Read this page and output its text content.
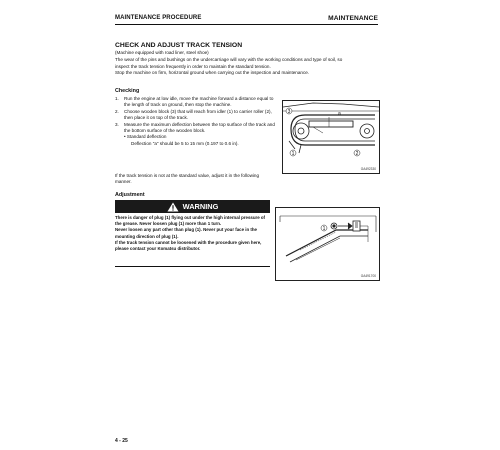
MAINTENANCE PROCEDURE	MAINTENANCE
CHECK AND ADJUST TRACK TENSION
(Machine equipped with road liner, steel shoe)
The wear of the pins and bushings on the undercarriage will vary with the working conditions and type of soil, so
inspect the track tension frequently in order to maintain the standard tension.
Stop the machine on firm, horizontal ground when carrying out the inspection and maintenance.
Checking
1.	Run the engine at low idle, move the machine forward a distance equal to the length of track on ground, then stop the machine.
2.	Choose wooden block (3) that will reach from idler (1) to carrier roller (2), then place it on top of the track.
3.	Measure the maximum deflection between the top surface of the track and the bottom surface of the wooden block.
• Standard deflection
Deflection "a" should be 5 to 15 mm (0.197 to 0.6 in).
3	a
1	2
GA492330
If the track tension is not at the standard value, adjust it in the following manner.
Adjustment
WARNING
There is danger of plug (1) flying out under the high internal pressure of the grease. Never loosen plug (1) more than 1 turn.
Never loosen any part other than plug (1). Never put your face in the mounting direction of plug (1).
If the track tension cannot be loosened with the procedure given here, please contact your Komatsu distributor.
1
GA491700
4 - 25
